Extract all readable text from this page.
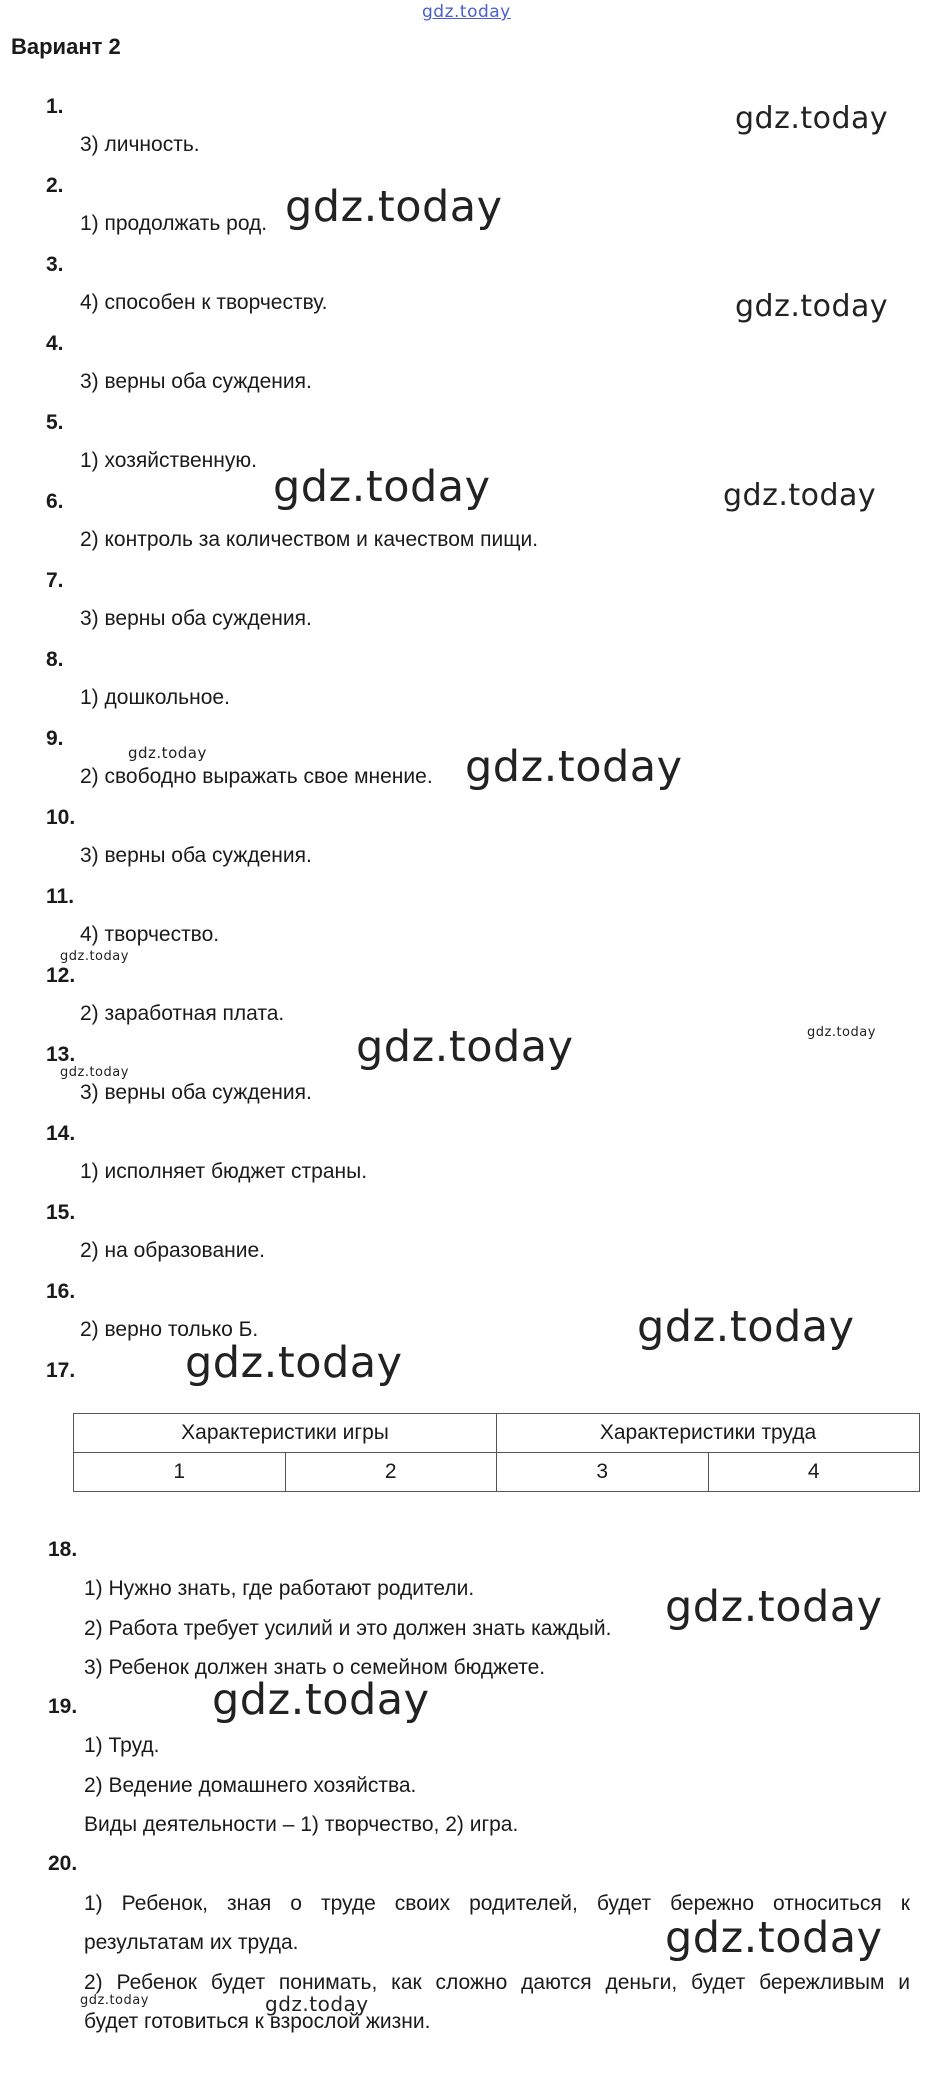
gdz.today
Вариант 2
1.
3) личность.
2.
1) продолжать род.
3.
4) способен к творчеству.
4.
3) верны оба суждения.
5.
1) хозяйственную.
6.
2) контроль за количеством и качеством пищи.
7.
3) верны оба суждения.
8.
1) дошкольное.
9.
2) свободно выражать свое мнение.
10.
3) верны оба суждения.
11.
4) творчество.
12.
2) заработная плата.
13.
3) верны оба суждения.
14.
1) исполняет бюджет страны.
15.
2) на образование.
16.
2) верно только Б.
17.
Характеристики игры		Характеристики труда	
1	2	3	4
18.
1) Нужно знать, где работают родители.
2) Работа требует усилий и это должен знать каждый.
3) Ребенок должен знать о семейном бюджете.
19.
1) Труд.
2) Ведение домашнего хозяйства.
Виды деятельности – 1) творчество, 2) игра.
20.
1) Ребенок, зная о труде своих родителей, будет бережно относиться к
результатам их труда.
2) Ребенок будет понимать, как сложно даются деньги, будет бережливым и
будет готовиться к взрослой жизни.
gdz.today
gdz.today
gdz.today
gdz.today	gdz.today
gdz.today	gdz.today
gdz.today
gdz.today	gdz.today
gdz.today
gdz.today
gdz.today
gdz.today
gdz.today
gdz.today
gdz.today	gdz.today
